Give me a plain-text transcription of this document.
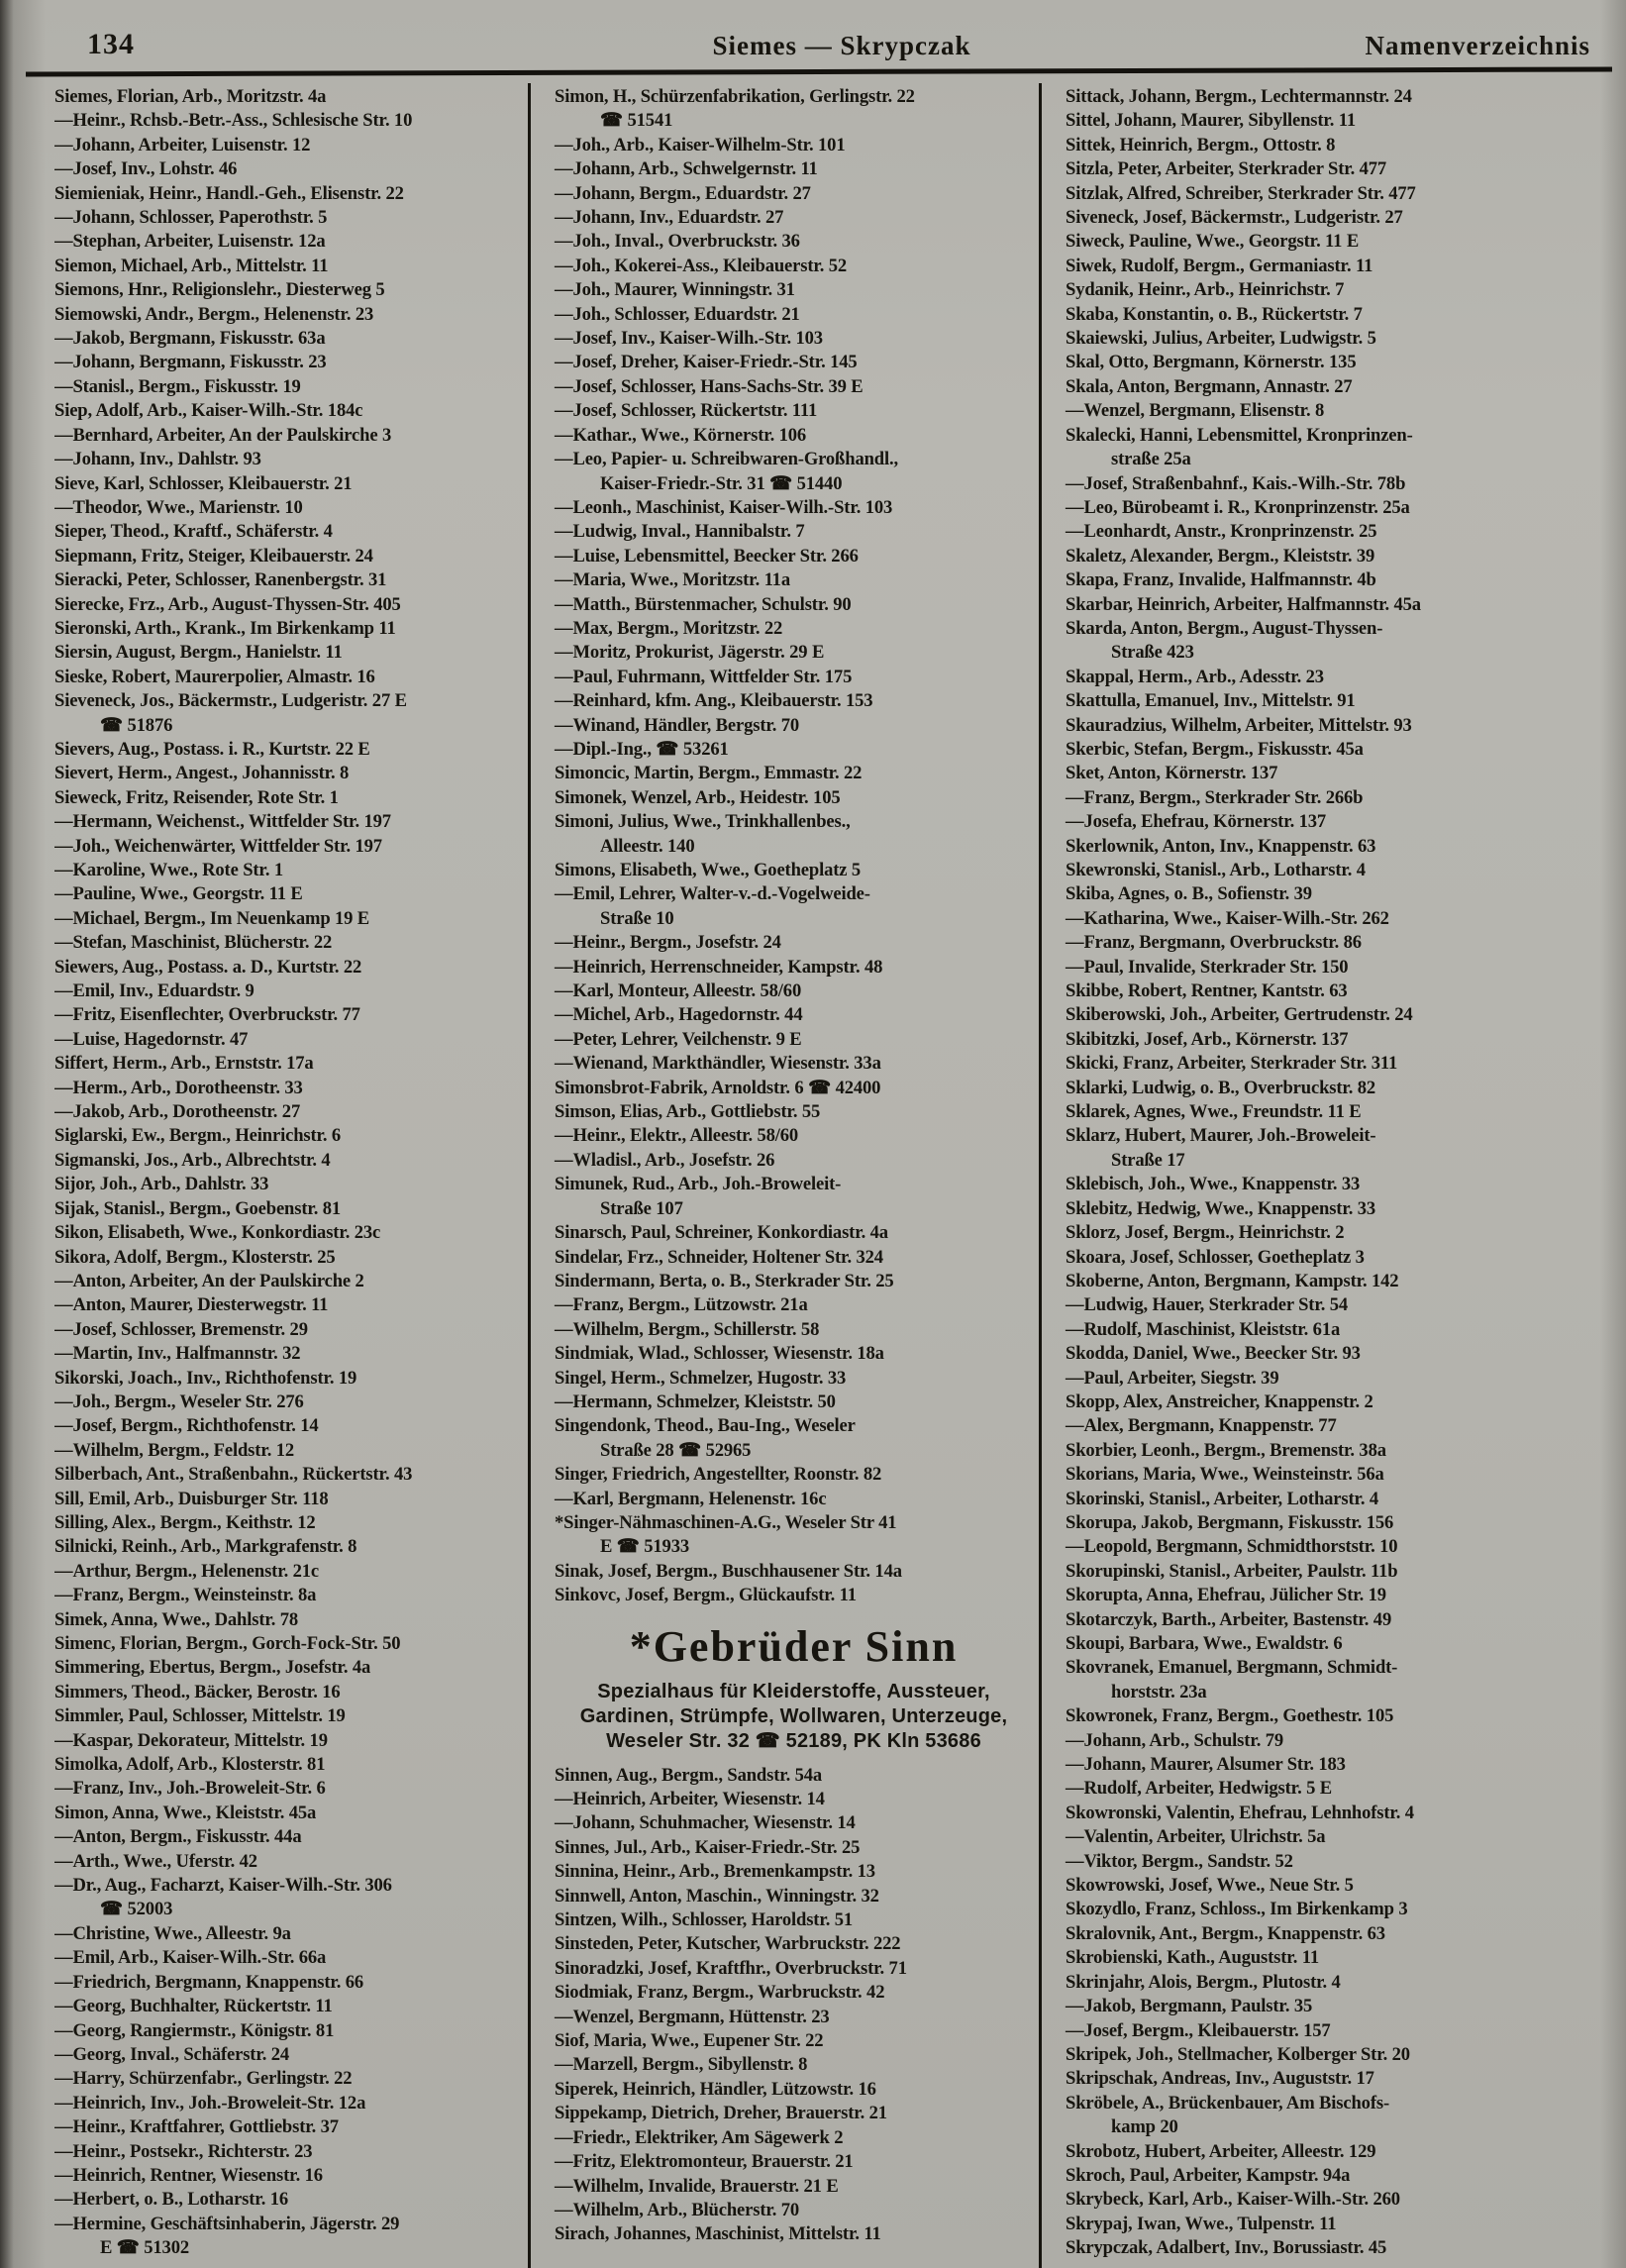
134	Siemes — Skrypczak	Namenverzeichnis
Siemes, Florian, Arb., Moritzstr. 4a
—Heinr., Rchsb.-Betr.-Ass., Schlesische Str. 10
—Johann, Arbeiter, Luisenstr. 12
—Josef, Inv., Lohstr. 46
Siemieniak, Heinr., Handl.-Geh., Elisenstr. 22
—Johann, Schlosser, Paperothstr. 5
—Stephan, Arbeiter, Luisenstr. 12a
Siemon, Michael, Arb., Mittelstr. 11
Siemons, Hnr., Religionslehr., Diesterweg 5
Siemowski, Andr., Bergm., Helenenstr. 23
—Jakob, Bergmann, Fiskusstr. 63a
—Johann, Bergmann, Fiskusstr. 23
—Stanisl., Bergm., Fiskusstr. 19
Siep, Adolf, Arb., Kaiser-Wilh.-Str. 184c
—Bernhard, Arbeiter, An der Paulskirche 3
—Johann, Inv., Dahlstr. 93
Sieve, Karl, Schlosser, Kleibauerstr. 21
—Theodor, Wwe., Marienstr. 10
Sieper, Theod., Kraftf., Schäferstr. 4
Siepmann, Fritz, Steiger, Kleibauerstr. 24
Sieracki, Peter, Schlosser, Ranenbergstr. 31
Sierecke, Frz., Arb., August-Thyssen-Str. 405
Sieronski, Arth., Krank., Im Birkenkamp 11
Siersin, August, Bergm., Hanielstr. 11
Sieske, Robert, Maurerpolier, Almastr. 16
Sieveneck, Jos., Bäckermstr., Ludgeristr. 27 E
☎ 51876
Sievers, Aug., Postass. i. R., Kurtstr. 22 E
Sievert, Herm., Angest., Johannisstr. 8
Sieweck, Fritz, Reisender, Rote Str. 1
—Hermann, Weichenst., Wittfelder Str. 197
—Joh., Weichenwärter, Wittfelder Str. 197
—Karoline, Wwe., Rote Str. 1
—Pauline, Wwe., Georgstr. 11 E
—Michael, Bergm., Im Neuenkamp 19 E
—Stefan, Maschinist, Blücherstr. 22
Siewers, Aug., Postass. a. D., Kurtstr. 22
—Emil, Inv., Eduardstr. 9
—Fritz, Eisenflechter, Overbruckstr. 77
—Luise, Hagedornstr. 47
Siffert, Herm., Arb., Ernststr. 17a
—Herm., Arb., Dorotheenstr. 33
—Jakob, Arb., Dorotheenstr. 27
Siglarski, Ew., Bergm., Heinrichstr. 6
Sigmanski, Jos., Arb., Albrechtstr. 4
Sijor, Joh., Arb., Dahlstr. 33
Sijak, Stanisl., Bergm., Goebenstr. 81
Sikon, Elisabeth, Wwe., Konkordiastr. 23c
Sikora, Adolf, Bergm., Klosterstr. 25
—Anton, Arbeiter, An der Paulskirche 2
—Anton, Maurer, Diesterwegstr. 11
—Josef, Schlosser, Bremenstr. 29
—Martin, Inv., Halfmannstr. 32
Sikorski, Joach., Inv., Richthofenstr. 19
—Joh., Bergm., Weseler Str. 276
—Josef, Bergm., Richthofenstr. 14
—Wilhelm, Bergm., Feldstr. 12
Silberbach, Ant., Straßenbahn., Rückertstr. 43
Sill, Emil, Arb., Duisburger Str. 118
Silling, Alex., Bergm., Keithstr. 12
Silnicki, Reinh., Arb., Markgrafenstr. 8
—Arthur, Bergm., Helenenstr. 21c
—Franz, Bergm., Weinsteinstr. 8a
Simek, Anna, Wwe., Dahlstr. 78
Simenc, Florian, Bergm., Gorch-Fock-Str. 50
Simmering, Ebertus, Bergm., Josefstr. 4a
Simmers, Theod., Bäcker, Berostr. 16
Simmler, Paul, Schlosser, Mittelstr. 19
—Kaspar, Dekorateur, Mittelstr. 19
Simolka, Adolf, Arb., Klosterstr. 81
—Franz, Inv., Joh.-Broweleit-Str. 6
Simon, Anna, Wwe., Kleiststr. 45a
—Anton, Bergm., Fiskusstr. 44a
—Arth., Wwe., Uferstr. 42
—Dr., Aug., Facharzt, Kaiser-Wilh.-Str. 306
☎ 52003
—Christine, Wwe., Alleestr. 9a
—Emil, Arb., Kaiser-Wilh.-Str. 66a
—Friedrich, Bergmann, Knappenstr. 66
—Georg, Buchhalter, Rückertstr. 11
—Georg, Rangiermstr., Königstr. 81
—Georg, Inval., Schäferstr. 24
—Harry, Schürzenfabr., Gerlingstr. 22
—Heinrich, Inv., Joh.-Broweleit-Str. 12a
—Heinr., Kraftfahrer, Gottliebstr. 37
—Heinr., Postsekr., Richterstr. 23
—Heinrich, Rentner, Wiesenstr. 16
—Herbert, o. B., Lotharstr. 16
—Hermine, Geschäftsinhaberin, Jägerstr. 29
E ☎ 51302
Simon, H., Schürzenfabrikation, Gerlingstr. 22
☎ 51541
—Joh., Arb., Kaiser-Wilhelm-Str. 101
—Johann, Arb., Schwelgernstr. 11
—Johann, Bergm., Eduardstr. 27
—Johann, Inv., Eduardstr. 27
—Joh., Inval., Overbruckstr. 36
—Joh., Kokerei-Ass., Kleibauerstr. 52
—Joh., Maurer, Winningstr. 31
—Joh., Schlosser, Eduardstr. 21
—Josef, Inv., Kaiser-Wilh.-Str. 103
—Josef, Dreher, Kaiser-Friedr.-Str. 145
—Josef, Schlosser, Hans-Sachs-Str. 39 E
—Josef, Schlosser, Rückertstr. 111
—Kathar., Wwe., Körnerstr. 106
—Leo, Papier- u. Schreibwaren-Großhandl.,
Kaiser-Friedr.-Str. 31 ☎ 51440
—Leonh., Maschinist, Kaiser-Wilh.-Str. 103
—Ludwig, Inval., Hannibalstr. 7
—Luise, Lebensmittel, Beecker Str. 266
—Maria, Wwe., Moritzstr. 11a
—Matth., Bürstenmacher, Schulstr. 90
—Max, Bergm., Moritzstr. 22
—Moritz, Prokurist, Jägerstr. 29 E
—Paul, Fuhrmann, Wittfelder Str. 175
—Reinhard, kfm. Ang., Kleibauerstr. 153
—Winand, Händler, Bergstr. 70
—Dipl.-Ing., ☎ 53261
Simoncic, Martin, Bergm., Emmastr. 22
Simonek, Wenzel, Arb., Heidestr. 105
Simoni, Julius, Wwe., Trinkhallenbes.,
Alleestr. 140
Simons, Elisabeth, Wwe., Goetheplatz 5
—Emil, Lehrer, Walter-v.-d.-Vogelweide-
Straße 10
—Heinr., Bergm., Josefstr. 24
—Heinrich, Herrenschneider, Kampstr. 48
—Karl, Monteur, Alleestr. 58/60
—Michel, Arb., Hagedornstr. 44
—Peter, Lehrer, Veilchenstr. 9 E
—Wienand, Markthändler, Wiesenstr. 33a
Simonsbrot-Fabrik, Arnoldstr. 6 ☎ 42400
Simson, Elias, Arb., Gottliebstr. 55
—Heinr., Elektr., Alleestr. 58/60
—Wladisl., Arb., Josefstr. 26
Simunek, Rud., Arb., Joh.-Broweleit-
Straße 107
Sinarsch, Paul, Schreiner, Konkordiastr. 4a
Sindelar, Frz., Schneider, Holtener Str. 324
Sindermann, Berta, o. B., Sterkrader Str. 25
—Franz, Bergm., Lützowstr. 21a
—Wilhelm, Bergm., Schillerstr. 58
Sindmiak, Wlad., Schlosser, Wiesenstr. 18a
Singel, Herm., Schmelzer, Hugostr. 33
—Hermann, Schmelzer, Kleiststr. 50
Singendonk, Theod., Bau-Ing., Weseler
Straße 28 ☎ 52965
Singer, Friedrich, Angestellter, Roonstr. 82
—Karl, Bergmann, Helenenstr. 16c
*Singer-Nähmaschinen-A.G., Weseler Str 41
E ☎ 51933
Sinak, Josef, Bergm., Buschhausener Str. 14a
Sinkovc, Josef, Bergm., Glückaufstr. 11
*Gebrüder Sinn
Spezialhaus für Kleiderstoffe, Aussteuer,
Gardinen, Strümpfe, Wollwaren, Unterzeuge,
Weseler Str. 32 ☎ 52189, PK Kln 53686
Sinnen, Aug., Bergm., Sandstr. 54a
—Heinrich, Arbeiter, Wiesenstr. 14
—Johann, Schuhmacher, Wiesenstr. 14
Sinnes, Jul., Arb., Kaiser-Friedr.-Str. 25
Sinnina, Heinr., Arb., Bremenkampstr. 13
Sinnwell, Anton, Maschin., Winningstr. 32
Sintzen, Wilh., Schlosser, Haroldstr. 51
Sinsteden, Peter, Kutscher, Warbruckstr. 222
Sinoradzki, Josef, Kraftfhr., Overbruckstr. 71
Siodmiak, Franz, Bergm., Warbruckstr. 42
—Wenzel, Bergmann, Hüttenstr. 23
Siof, Maria, Wwe., Eupener Str. 22
—Marzell, Bergm., Sibyllenstr. 8
Siperek, Heinrich, Händler, Lützowstr. 16
Sippekamp, Dietrich, Dreher, Brauerstr. 21
—Friedr., Elektriker, Am Sägewerk 2
—Fritz, Elektromonteur, Brauerstr. 21
—Wilhelm, Invalide, Brauerstr. 21 E
—Wilhelm, Arb., Blücherstr. 70
Sirach, Johannes, Maschinist, Mittelstr. 11
Sittack, Johann, Bergm., Lechtermannstr. 24
Sittel, Johann, Maurer, Sibyllenstr. 11
Sittek, Heinrich, Bergm., Ottostr. 8
Sitzla, Peter, Arbeiter, Sterkrader Str. 477
Sitzlak, Alfred, Schreiber, Sterkrader Str. 477
Siveneck, Josef, Bäckermstr., Ludgeristr. 27
Siweck, Pauline, Wwe., Georgstr. 11 E
Siwek, Rudolf, Bergm., Germaniastr. 11
Sydanik, Heinr., Arb., Heinrichstr. 7
Skaba, Konstantin, o. B., Rückertstr. 7
Skaiewski, Julius, Arbeiter, Ludwigstr. 5
Skal, Otto, Bergmann, Körnerstr. 135
Skala, Anton, Bergmann, Annastr. 27
—Wenzel, Bergmann, Elisenstr. 8
Skalecki, Hanni, Lebensmittel, Kronprinzen-
straße 25a
—Josef, Straßenbahnf., Kais.-Wilh.-Str. 78b
—Leo, Bürobeamt i. R., Kronprinzenstr. 25a
—Leonhardt, Anstr., Kronprinzenstr. 25
Skaletz, Alexander, Bergm., Kleiststr. 39
Skapa, Franz, Invalide, Halfmannstr. 4b
Skarbar, Heinrich, Arbeiter, Halfmannstr. 45a
Skarda, Anton, Bergm., August-Thyssen-
Straße 423
Skappal, Herm., Arb., Adesstr. 23
Skattulla, Emanuel, Inv., Mittelstr. 91
Skauradzius, Wilhelm, Arbeiter, Mittelstr. 93
Skerbic, Stefan, Bergm., Fiskusstr. 45a
Sket, Anton, Körnerstr. 137
—Franz, Bergm., Sterkrader Str. 266b
—Josefa, Ehefrau, Körnerstr. 137
Skerlownik, Anton, Inv., Knappenstr. 63
Skewronski, Stanisl., Arb., Lotharstr. 4
Skiba, Agnes, o. B., Sofienstr. 39
—Katharina, Wwe., Kaiser-Wilh.-Str. 262
—Franz, Bergmann, Overbruckstr. 86
—Paul, Invalide, Sterkrader Str. 150
Skibbe, Robert, Rentner, Kantstr. 63
Skiberowski, Joh., Arbeiter, Gertrudenstr. 24
Skibitzki, Josef, Arb., Körnerstr. 137
Skicki, Franz, Arbeiter, Sterkrader Str. 311
Sklarki, Ludwig, o. B., Overbruckstr. 82
Sklarek, Agnes, Wwe., Freundstr. 11 E
Sklarz, Hubert, Maurer, Joh.-Broweleit-
Straße 17
Sklebisch, Joh., Wwe., Knappenstr. 33
Sklebitz, Hedwig, Wwe., Knappenstr. 33
Sklorz, Josef, Bergm., Heinrichstr. 2
Skoara, Josef, Schlosser, Goetheplatz 3
Skoberne, Anton, Bergmann, Kampstr. 142
—Ludwig, Hauer, Sterkrader Str. 54
—Rudolf, Maschinist, Kleiststr. 61a
Skodda, Daniel, Wwe., Beecker Str. 93
—Paul, Arbeiter, Siegstr. 39
Skopp, Alex, Anstreicher, Knappenstr. 2
—Alex, Bergmann, Knappenstr. 77
Skorbier, Leonh., Bergm., Bremenstr. 38a
Skorians, Maria, Wwe., Weinsteinstr. 56a
Skorinski, Stanisl., Arbeiter, Lotharstr. 4
Skorupa, Jakob, Bergmann, Fiskusstr. 156
—Leopold, Bergmann, Schmidthorststr. 10
Skorupinski, Stanisl., Arbeiter, Paulstr. 11b
Skorupta, Anna, Ehefrau, Jülicher Str. 19
Skotarczyk, Barth., Arbeiter, Bastenstr. 49
Skoupi, Barbara, Wwe., Ewaldstr. 6
Skovranek, Emanuel, Bergmann, Schmidt-
horststr. 23a
Skowronek, Franz, Bergm., Goethestr. 105
—Johann, Arb., Schulstr. 79
—Johann, Maurer, Alsumer Str. 183
—Rudolf, Arbeiter, Hedwigstr. 5 E
Skowronski, Valentin, Ehefrau, Lehnhofstr. 4
—Valentin, Arbeiter, Ulrichstr. 5a
—Viktor, Bergm., Sandstr. 52
Skowrowski, Josef, Wwe., Neue Str. 5
Skozydlo, Franz, Schloss., Im Birkenkamp 3
Skralovnik, Ant., Bergm., Knappenstr. 63
Skrobienski, Kath., Auguststr. 11
Skrinjahr, Alois, Bergm., Plutostr. 4
—Jakob, Bergmann, Paulstr. 35
—Josef, Bergm., Kleibauerstr. 157
Skripek, Joh., Stellmacher, Kolberger Str. 20
Skripschak, Andreas, Inv., Auguststr. 17
Skröbele, A., Brückenbauer, Am Bischofs-
kamp 20
Skrobotz, Hubert, Arbeiter, Alleestr. 129
Skroch, Paul, Arbeiter, Kampstr. 94a
Skrybeck, Karl, Arb., Kaiser-Wilh.-Str. 260
Skrypaj, Iwan, Wwe., Tulpenstr. 11
Skrypczak, Adalbert, Inv., Borussiastr. 45
